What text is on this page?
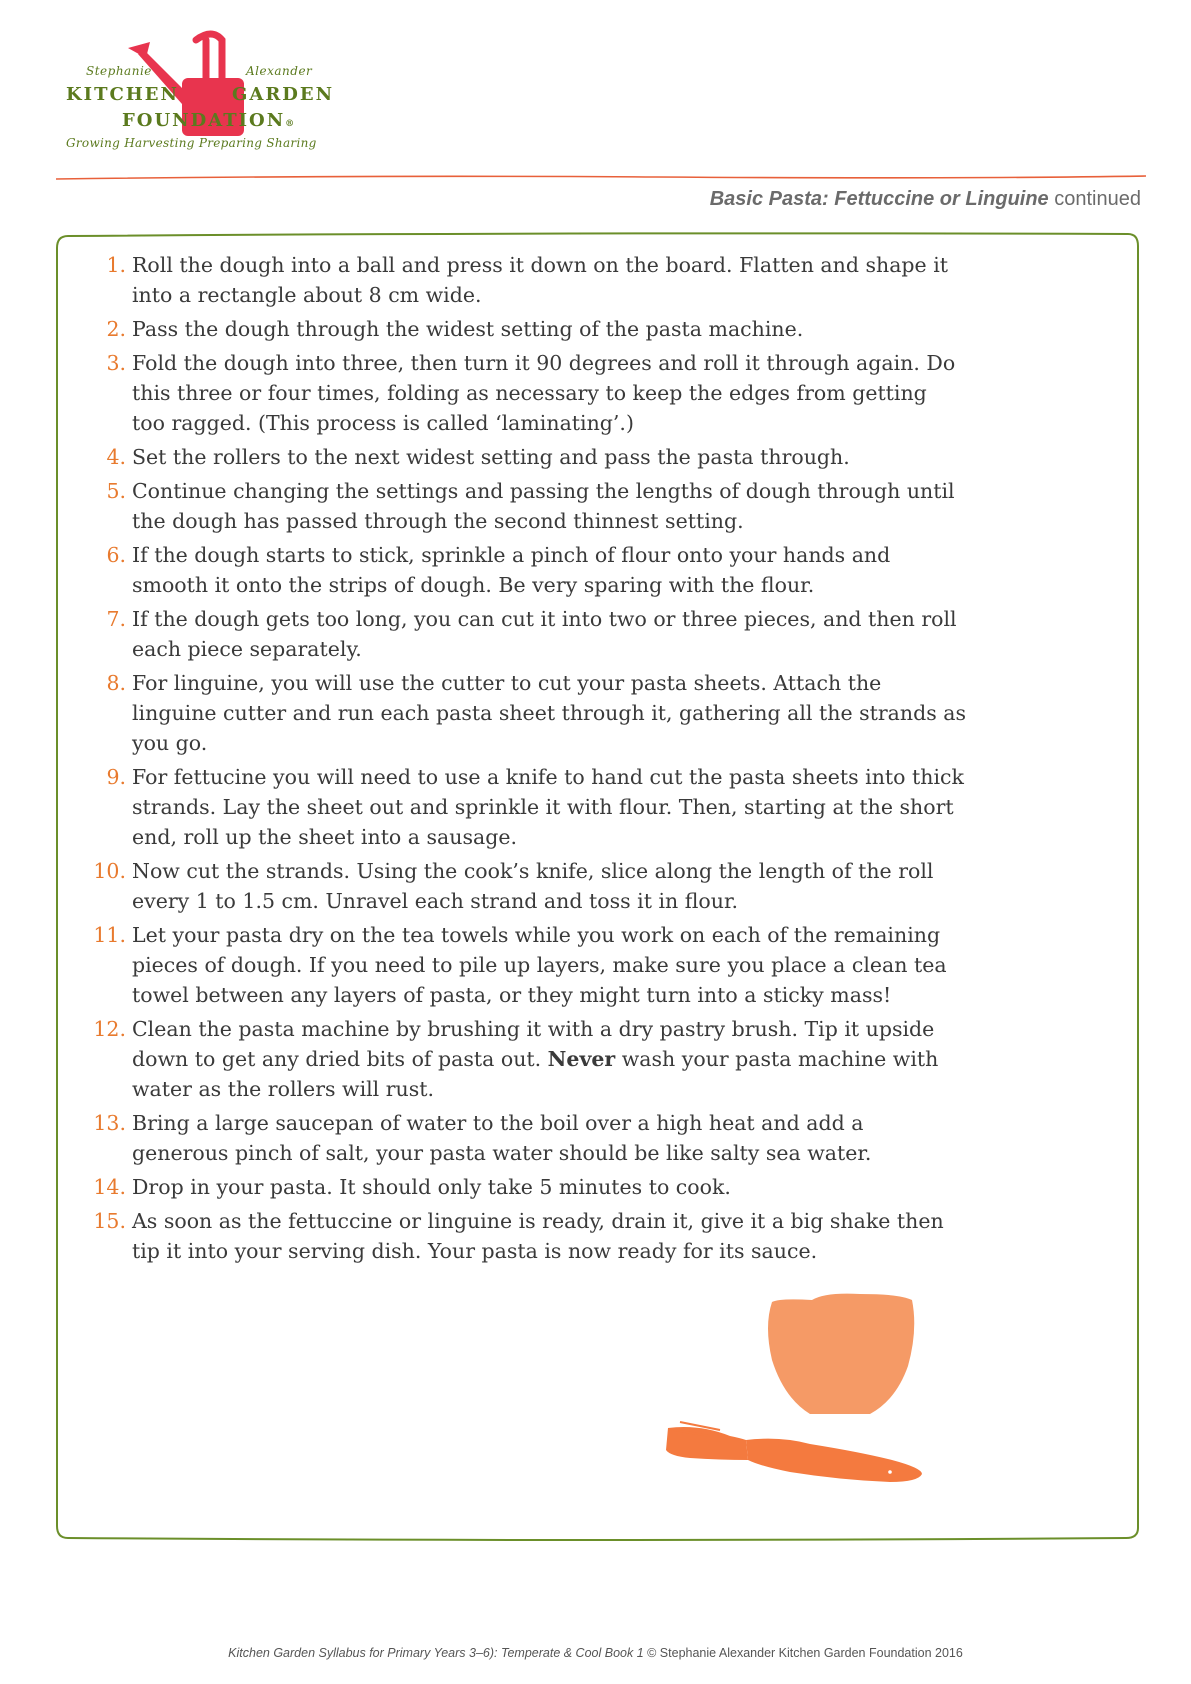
Stephanie	Alexander
KITCHEN	GARDEN
FOUNDATION®
Growing Harvesting Preparing Sharing
Basic Pasta: Fettuccine or Linguine continued
1. Roll the dough into a ball and press it down on the board. Flatten and shape it into a rectangle about 8 cm wide.
2. Pass the dough through the widest setting of the pasta machine.
3. Fold the dough into three, then turn it 90 degrees and roll it through again. Do this three or four times, folding as necessary to keep the edges from getting too ragged. (This process is called ‘laminating’.)
4. Set the rollers to the next widest setting and pass the pasta through.
5. Continue changing the settings and passing the lengths of dough through until the dough has passed through the second thinnest setting.
6. If the dough starts to stick, sprinkle a pinch of flour onto your hands and smooth it onto the strips of dough. Be very sparing with the flour.
7. If the dough gets too long, you can cut it into two or three pieces, and then roll each piece separately.
8. For linguine, you will use the cutter to cut your pasta sheets. Attach the linguine cutter and run each pasta sheet through it, gathering all the strands as you go.
9. For fettucine you will need to use a knife to hand cut the pasta sheets into thick strands. Lay the sheet out and sprinkle it with flour. Then, starting at the short end, roll up the sheet into a sausage.
10. Now cut the strands. Using the cook’s knife, slice along the length of the roll every 1 to 1.5 cm. Unravel each strand and toss it in flour.
11. Let your pasta dry on the tea towels while you work on each of the remaining pieces of dough. If you need to pile up layers, make sure you place a clean tea towel between any layers of pasta, or they might turn into a sticky mass!
12. Clean the pasta machine by brushing it with a dry pastry brush. Tip it upside down to get any dried bits of pasta out. Never wash your pasta machine with water as the rollers will rust.
13. Bring a large saucepan of water to the boil over a high heat and add a generous pinch of salt, your pasta water should be like salty sea water.
14. Drop in your pasta. It should only take 5 minutes to cook.
15. As soon as the fettuccine or linguine is ready, drain it, give it a big shake then tip it into your serving dish. Your pasta is now ready for its sauce.
Kitchen Garden Syllabus for Primary Years 3–6): Temperate & Cool Book 1 © Stephanie Alexander Kitchen Garden Foundation 2016
